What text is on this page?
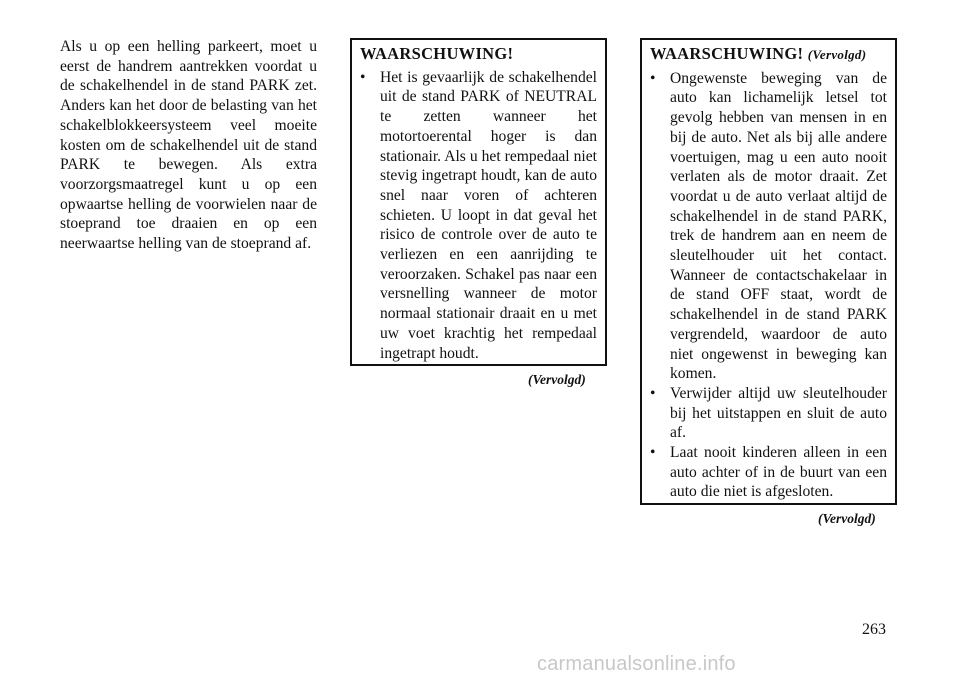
Als u op een helling parkeert, moet u eerst de handrem aantrekken voordat u de schakelhendel in de stand PARK zet. Anders kan het door de belasting van het schakelblokkeersysteem veel moeite kosten om de schakelhendel uit de stand PARK te bewegen. Als extra voorzorgsmaatregel kunt u op een opwaartse helling de voorwielen naar de stoeprand toe draaien en op een neerwaartse helling van de stoeprand af.
WAARSCHUWING!
• Het is gevaarlijk de schakelhendel uit de stand PARK of NEUTRAL te zetten wanneer het motortoerental hoger is dan stationair. Als u het rempedaal niet stevig ingetrapt houdt, kan de auto snel naar voren of achteren schieten. U loopt in dat geval het risico de controle over de auto te verliezen en een aanrijding te veroorzaken. Schakel pas naar een versnelling wanneer de motor normaal stationair draait en u met uw voet krachtig het rempedaal ingetrapt houdt.
(Vervolgd)
WAARSCHUWING! (Vervolgd)
• Ongewenste beweging van de auto kan lichamelijk letsel tot gevolg hebben van mensen in en bij de auto. Net als bij alle andere voertuigen, mag u een auto nooit verlaten als de motor draait. Zet voordat u de auto verlaat altijd de schakelhendel in de stand PARK, trek de handrem aan en neem de sleutelhouder uit het contact. Wanneer de contactschakelaar in de stand OFF staat, wordt de schakelhendel in de stand PARK vergrendeld, waardoor de auto niet ongewenst in beweging kan komen.
• Verwijder altijd uw sleutelhouder bij het uitstappen en sluit de auto af.
• Laat nooit kinderen alleen in een auto achter of in de buurt van een auto die niet is afgesloten.
(Vervolgd)
263
carmanualsonline.info
